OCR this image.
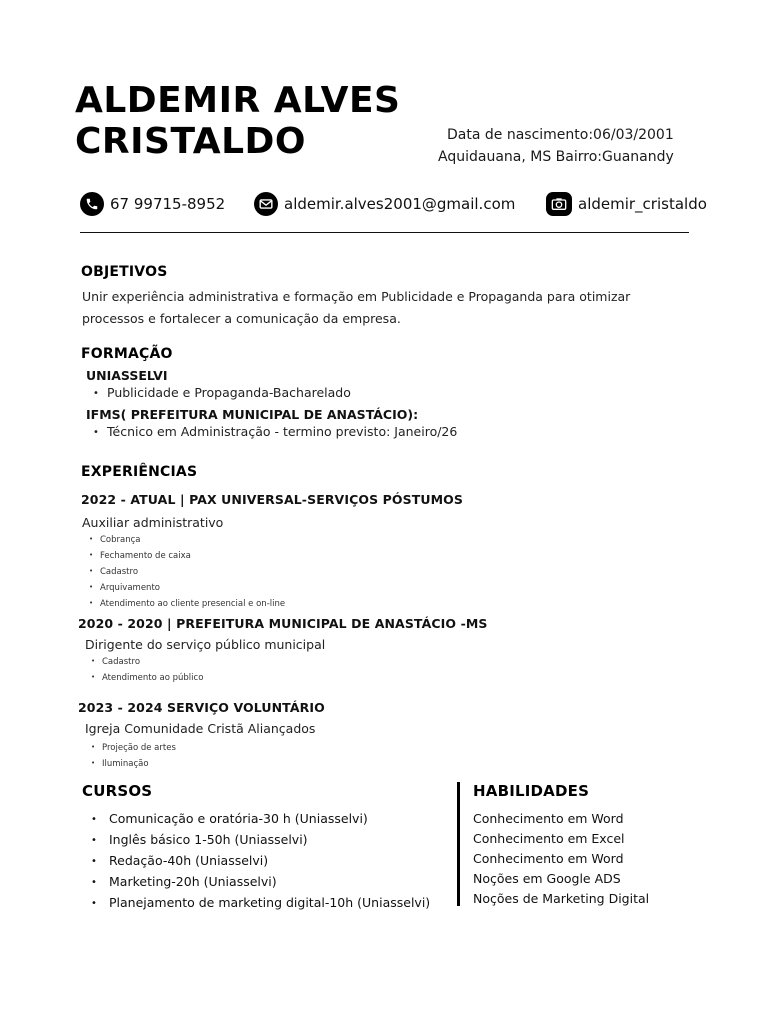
ALDEMIR ALVES
CRISTALDO	Data de nascimento:06/03/2001
Aquidauana, MS Bairro:Guanandy
67 99715-8952	aldemir.alves2001@gmail.com	aldemir_cristaldo
OBJETIVOS
Unir experiência administrativa e formação em Publicidade e Propaganda para otimizar
processos e fortalecer a comunicação da empresa.
FORMAÇÃO
UNIASSELVI
• Publicidade e Propaganda-Bacharelado
IFMS( PREFEITURA MUNICIPAL DE ANASTÁCIO):
• Técnico em Administração - termino previsto: Janeiro/26
EXPERIÊNCIAS
2022 - ATUAL | PAX UNIVERSAL-SERVIÇOS PÓSTUMOS
Auxiliar administrativo
• Cobrança
• Fechamento de caixa
• Cadastro
• Arquivamento
• Atendimento ao cliente presencial e on-line
2020 - 2020 | PREFEITURA MUNICIPAL DE ANASTÁCIO -MS
Dirigente do serviço público municipal
• Cadastro
• Atendimento ao público
2023 - 2024 SERVIÇO VOLUNTÁRIO
Igreja Comunidade Cristã Aliançados
• Projeção de artes
• Iluminação
CURSOS
• Comunicação e oratória-30 h (Uniasselvi)
• Inglês básico 1-50h (Uniasselvi)
• Redação-40h (Uniasselvi)
• Marketing-20h (Uniasselvi)
• Planejamento de marketing digital-10h (Uniasselvi)
HABILIDADES
Conhecimento em Word
Conhecimento em Excel
Conhecimento em Word
Noções em Google ADS
Noções de Marketing Digital
